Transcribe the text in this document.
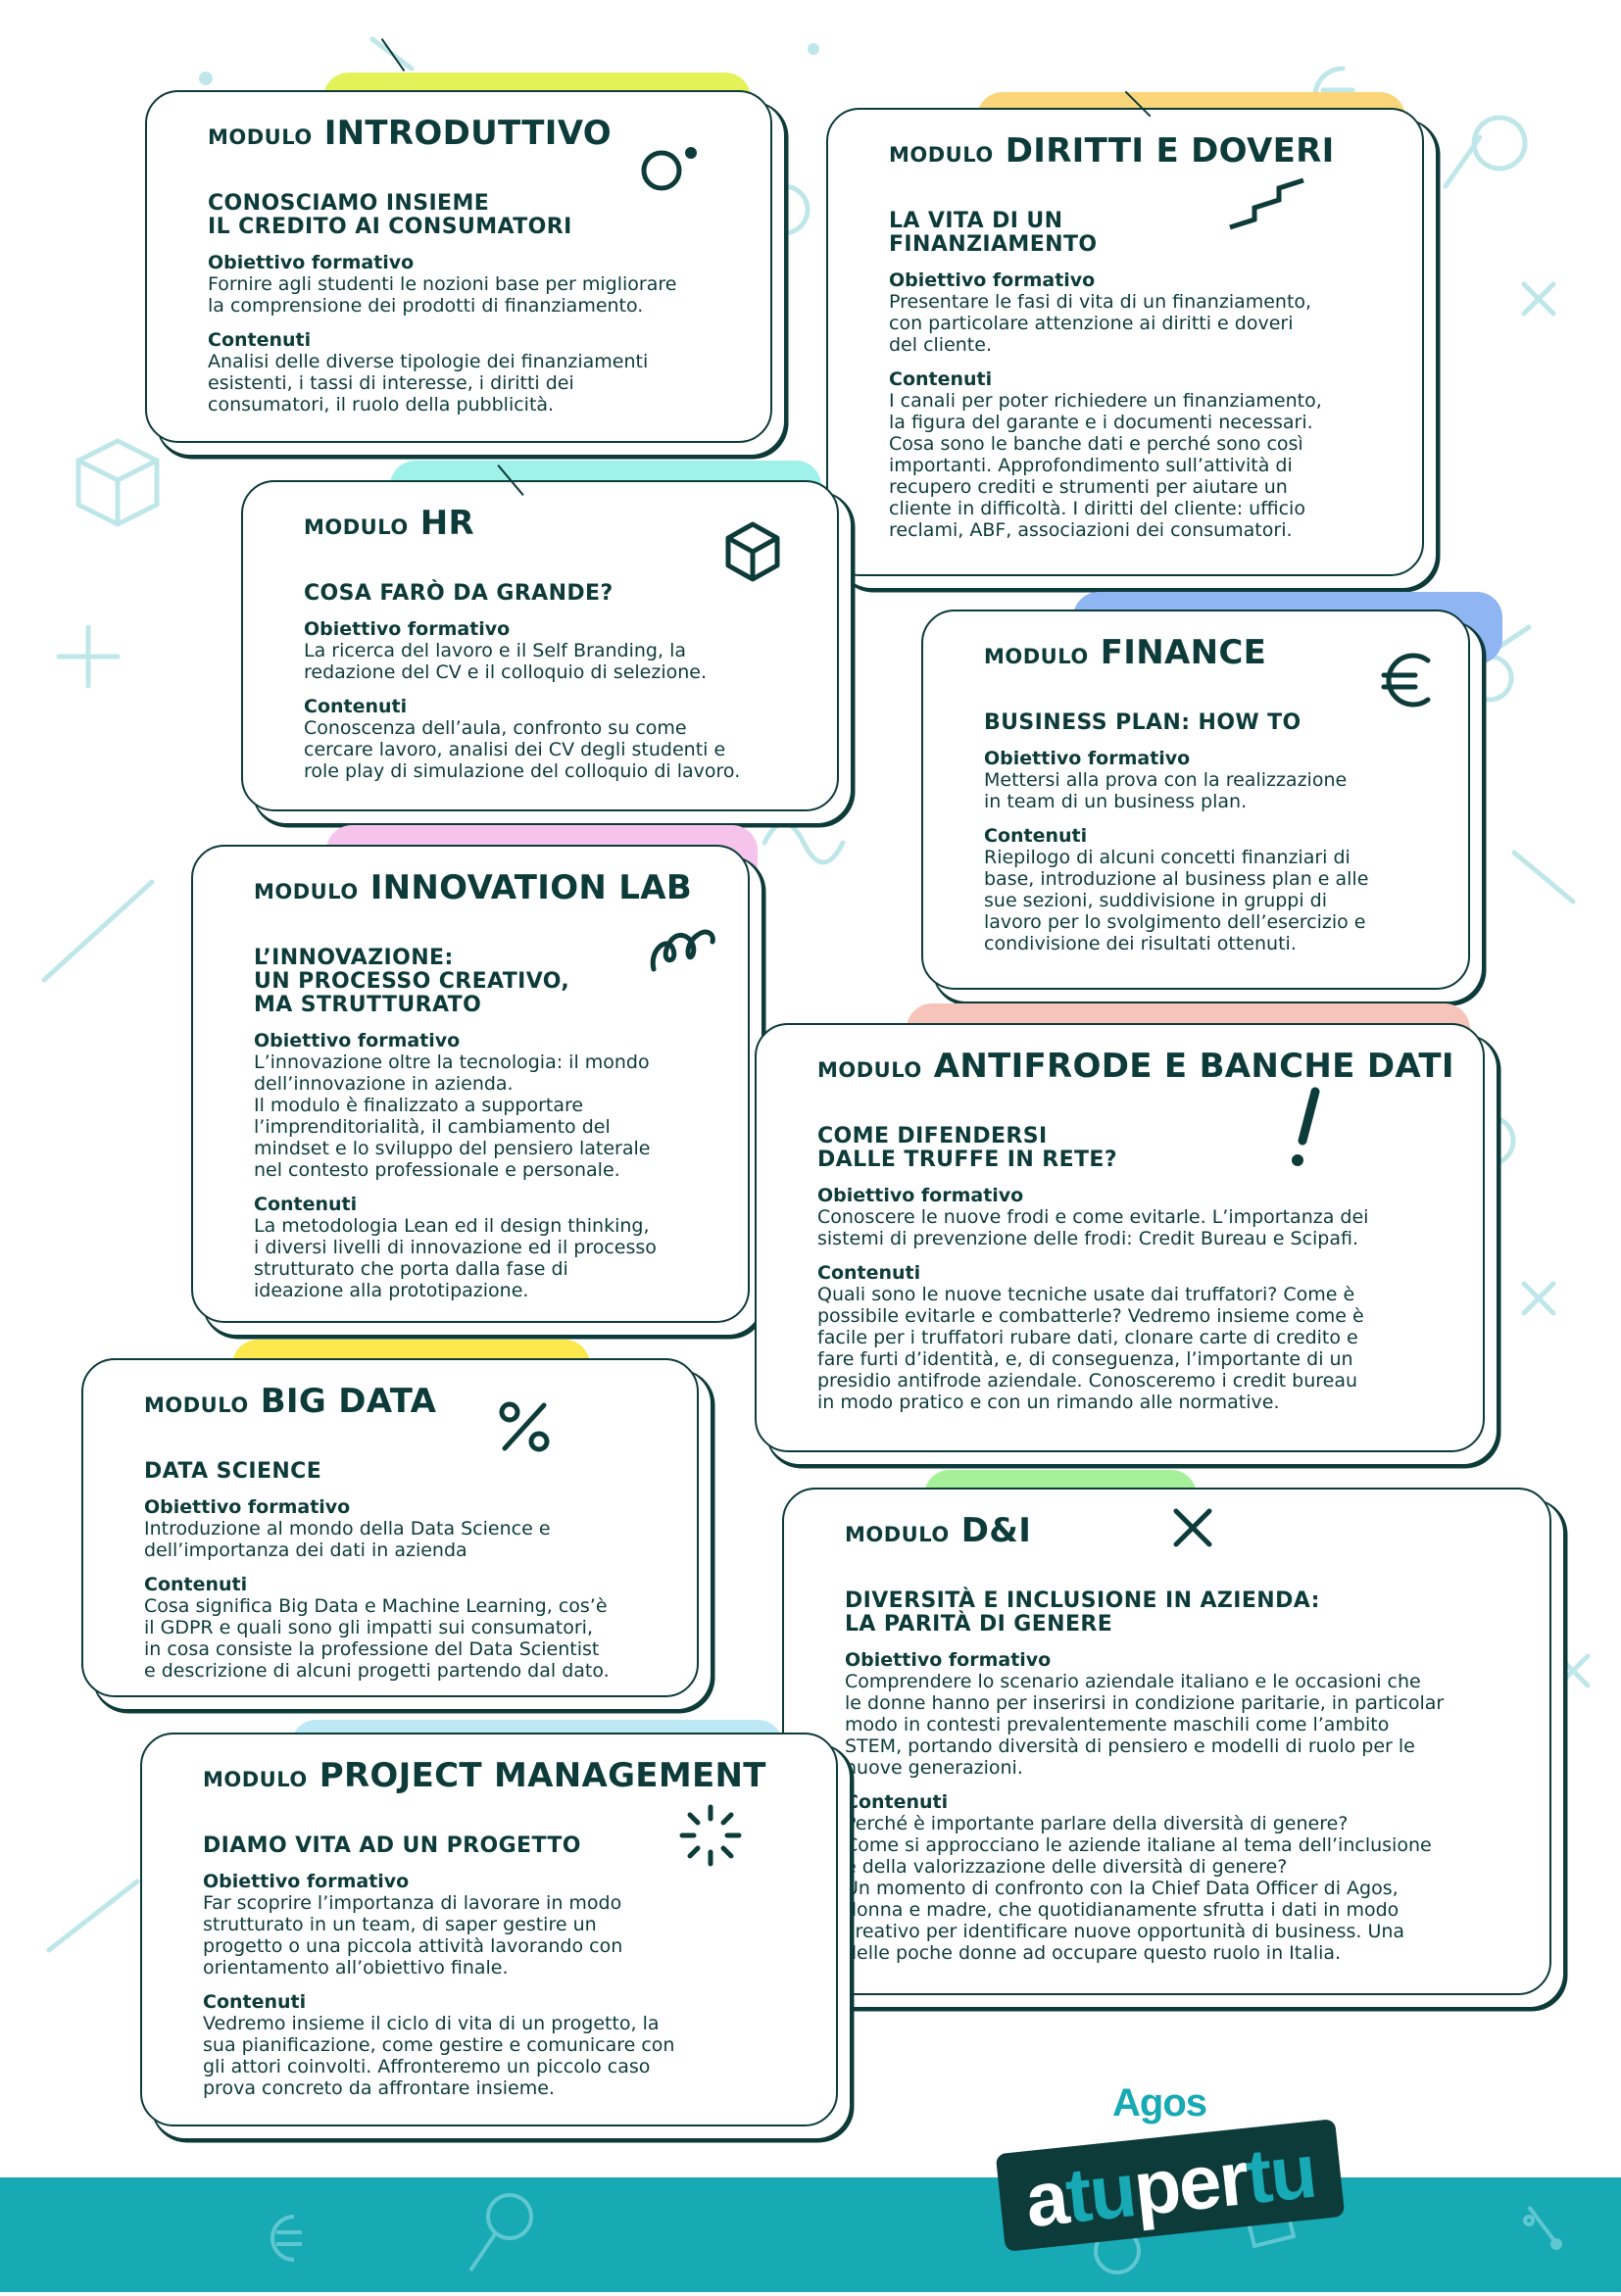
MODULO INTRODUTTIVO
CONOSCIAMO INSIEME
IL CREDITO AI CONSUMATORI
Obiettivo formativo
Fornire agli studenti le nozioni base per migliorare
la comprensione dei prodotti di finanziamento.
Contenuti
Analisi delle diverse tipologie dei finanziamenti
esistenti, i tassi di interesse, i diritti dei
consumatori, il ruolo della pubblicità.
MODULO DIRITTI E DOVERI
LA VITA DI UN
FINANZIAMENTO
Obiettivo formativo
Presentare le fasi di vita di un finanziamento,
con particolare attenzione ai diritti e doveri
del cliente.
Contenuti
I canali per poter richiedere un finanziamento,
la figura del garante e i documenti necessari.
Cosa sono le banche dati e perché sono così
importanti. Approfondimento sull’attività di
recupero crediti e strumenti per aiutare un
cliente in difficoltà. I diritti del cliente: ufficio
reclami, ABF, associazioni dei consumatori.
MODULO HR
COSA FARÒ DA GRANDE?
Obiettivo formativo
La ricerca del lavoro e il Self Branding, la
redazione del CV e il colloquio di selezione.
Contenuti
Conoscenza dell’aula, confronto su come
cercare lavoro, analisi dei CV degli studenti e
role play di simulazione del colloquio di lavoro.
MODULO FINANCE
BUSINESS PLAN: HOW TO
Obiettivo formativo
Mettersi alla prova con la realizzazione
in team di un business plan.
Contenuti
Riepilogo di alcuni concetti finanziari di
base, introduzione al business plan e alle
sue sezioni, suddivisione in gruppi di
lavoro per lo svolgimento dell’esercizio e
condivisione dei risultati ottenuti.
MODULO INNOVATION LAB
L’INNOVAZIONE:
UN PROCESSO CREATIVO,
MA STRUTTURATO
Obiettivo formativo
L’innovazione oltre la tecnologia: il mondo
dell’innovazione in azienda.
Il modulo è finalizzato a supportare
l’imprenditorialità, il cambiamento del
mindset e lo sviluppo del pensiero laterale
nel contesto professionale e personale.
Contenuti
La metodologia Lean ed il design thinking,
i diversi livelli di innovazione ed il processo
strutturato che porta dalla fase di
ideazione alla prototipazione.
MODULO ANTIFRODE E BANCHE DATI
COME DIFENDERSI
DALLE TRUFFE IN RETE?
Obiettivo formativo
Conoscere le nuove frodi e come evitarle. L’importanza dei
sistemi di prevenzione delle frodi: Credit Bureau e Scipafi.
Contenuti
Quali sono le nuove tecniche usate dai truffatori? Come è
possibile evitarle e combatterle? Vedremo insieme come è
facile per i truffatori rubare dati, clonare carte di credito e
fare furti d’identità, e, di conseguenza, l’importante di un
presidio antifrode aziendale. Conosceremo i credit bureau
in modo pratico e con un rimando alle normative.
MODULO BIG DATA
DATA SCIENCE
Obiettivo formativo
Introduzione al mondo della Data Science e
dell’importanza dei dati in azienda
Contenuti
Cosa significa Big Data e Machine Learning, cos’è
il GDPR e quali sono gli impatti sui consumatori,
in cosa consiste la professione del Data Scientist
e descrizione di alcuni progetti partendo dal dato.
MODULO D&I
DIVERSITÀ E INCLUSIONE IN AZIENDA:
LA PARITÀ DI GENERE
Obiettivo formativo
Comprendere lo scenario aziendale italiano e le occasioni che
le donne hanno per inserirsi in condizione paritarie, in particolar
modo in contesti prevalentemente maschili come l’ambito
STEM, portando diversità di pensiero e modelli di ruolo per le
nuove generazioni.
Contenuti
Perché è importante parlare della diversità di genere?
Come si approcciano le aziende italiane al tema dell’inclusione
e della valorizzazione delle diversità di genere?
Un momento di confronto con la Chief Data Officer di Agos,
donna e madre, che quotidianamente sfrutta i dati in modo
creativo per identificare nuove opportunità di business. Una
delle poche donne ad occupare questo ruolo in Italia.
MODULO PROJECT MANAGEMENT
DIAMO VITA AD UN PROGETTO
Obiettivo formativo
Far scoprire l’importanza di lavorare in modo
strutturato in un team, di saper gestire un
progetto o una piccola attività lavorando con
orientamento all’obiettivo finale.
Contenuti
Vedremo insieme il ciclo di vita di un progetto, la
sua pianificazione, come gestire e comunicare con
gli attori coinvolti. Affronteremo un piccolo caso
prova concreto da affrontare insieme.	Agos
atupertu
